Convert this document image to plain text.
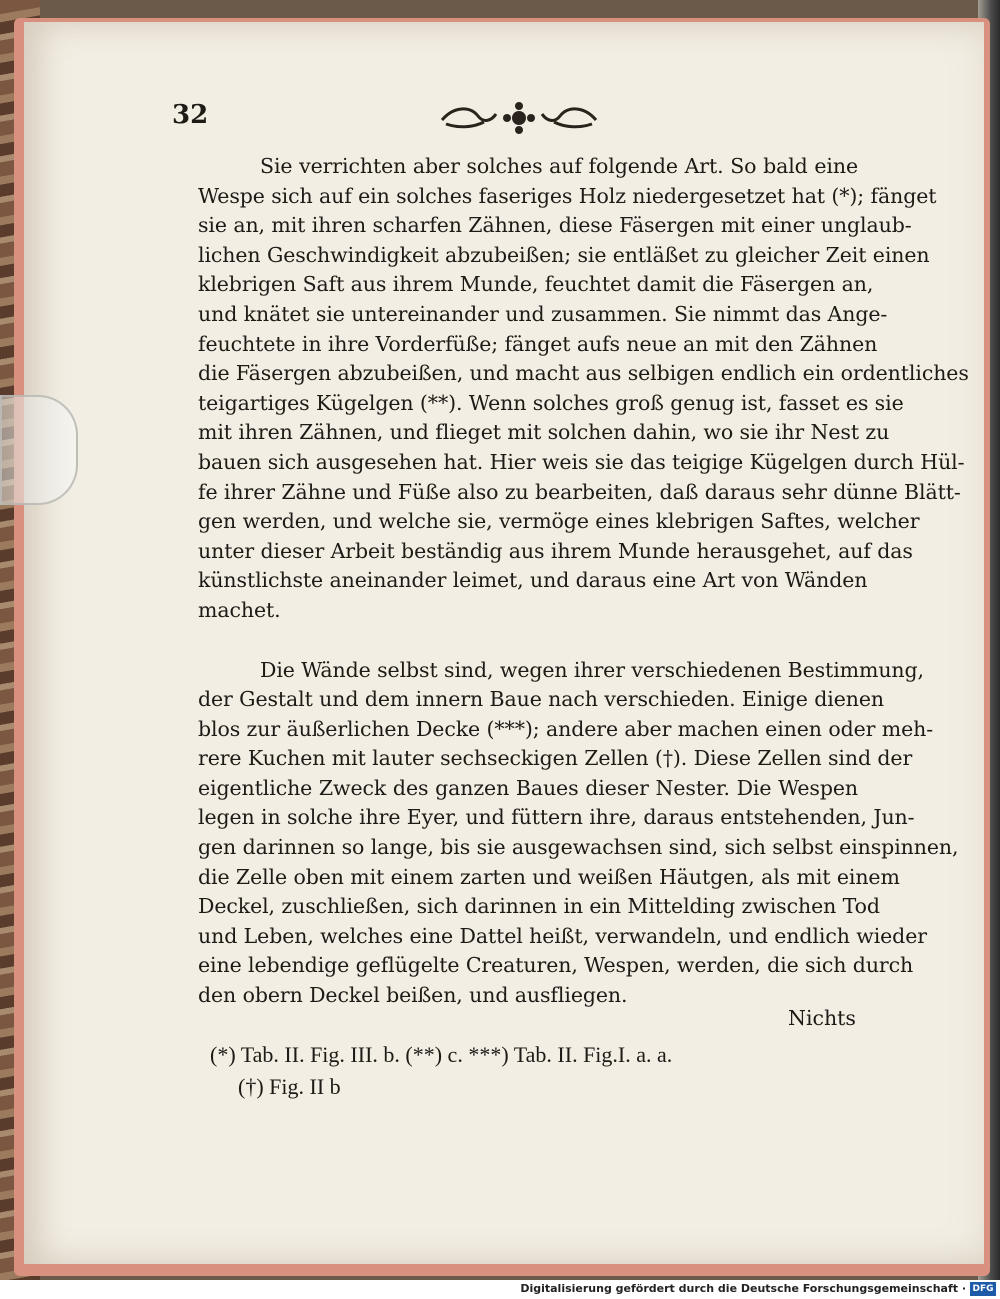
32
Sie verrichten aber solches auf folgende Art. So bald eine
Wespe sich auf ein solches faseriges Holz niedergesetzet hat (*); fänget
sie an, mit ihren scharfen Zähnen, diese Fäsergen mit einer unglaub-
lichen Geschwindigkeit abzubeißen; sie entläßet zu gleicher Zeit einen
klebrigen Saft aus ihrem Munde, feuchtet damit die Fäsergen an,
und knätet sie untereinander und zusammen. Sie nimmt das Ange-
feuchtete in ihre Vorderfüße; fänget aufs neue an mit den Zähnen
die Fäsergen abzubeißen, und macht aus selbigen endlich ein ordentliches
teigartiges Kügelgen (**). Wenn solches groß genug ist, fasset es sie
mit ihren Zähnen, und flieget mit solchen dahin, wo sie ihr Nest zu
bauen sich ausgesehen hat. Hier weis sie das teigige Kügelgen durch Hül-
fe ihrer Zähne und Füße also zu bearbeiten, daß daraus sehr dünne Blätt-
gen werden, und welche sie, vermöge eines klebrigen Saftes, welcher
unter dieser Arbeit beständig aus ihrem Munde herausgehet, auf das
künstlichste aneinander leimet, und daraus eine Art von Wänden
machet.
Die Wände selbst sind, wegen ihrer verschiedenen Bestimmung,
der Gestalt und dem innern Baue nach verschieden. Einige dienen
blos zur äußerlichen Decke (***); andere aber machen einen oder meh-
rere Kuchen mit lauter sechseckigen Zellen (†). Diese Zellen sind der
eigentliche Zweck des ganzen Baues dieser Nester. Die Wespen
legen in solche ihre Eyer, und füttern ihre, daraus entstehenden, Jun-
gen darinnen so lange, bis sie ausgewachsen sind, sich selbst einspinnen,
die Zelle oben mit einem zarten und weißen Häutgen, als mit einem
Deckel, zuschließen, sich darinnen in ein Mittelding zwischen Tod
und Leben, welches eine Dattel heißt, verwandeln, und endlich wieder
eine lebendige geflügelte Creaturen, Wespen, werden, die sich durch
den obern Deckel beißen, und ausfliegen.
Nichts
(*) Tab. II. Fig. III. b. (**) c. ***) Tab. II. Fig.I. a. a.
(†) Fig. II b
Digitalisierung gefördert durch die Deutsche Forschungsgemeinschaft · DFG
